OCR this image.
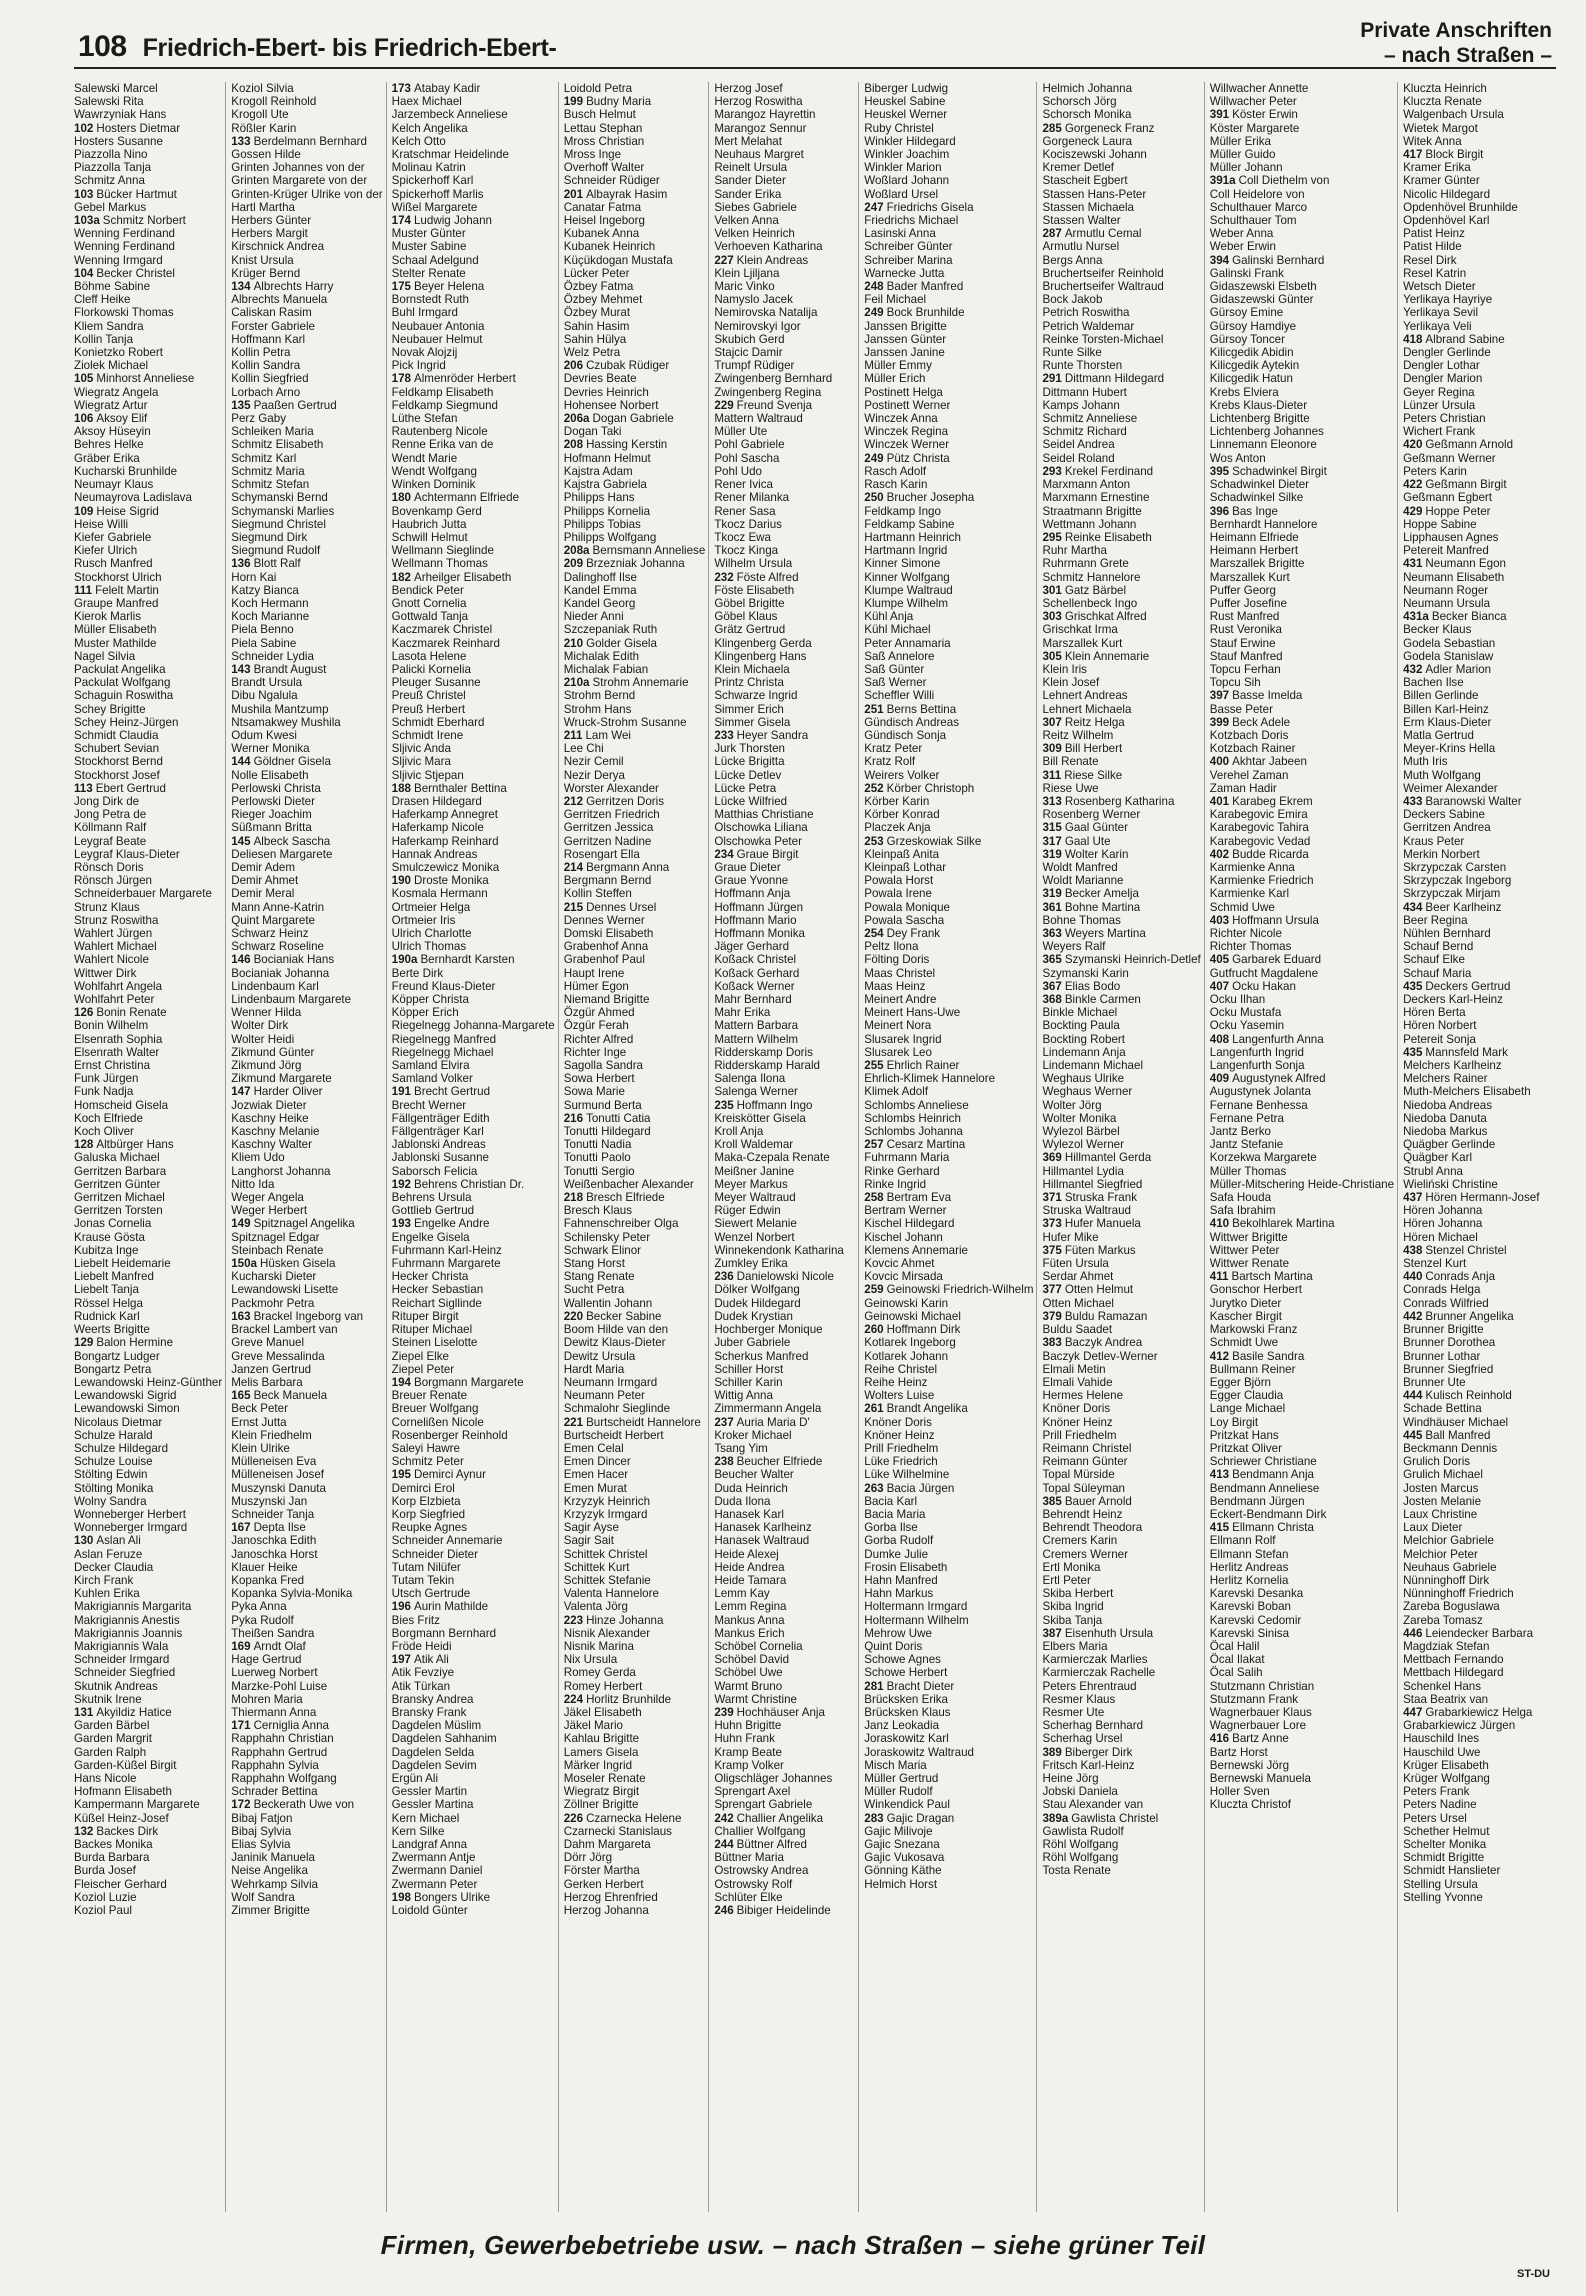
108 Friedrich-Ebert- bis Friedrich-Ebert-
Private Anschriften
– nach Straßen –
Salewski Marcel
Salewski Rita
Wawrzyniak Hans
102 Hosters Dietmar
Hosters Susanne
Piazzolla Nino
Piazzolla Tanja
Schmitz Anna
103 Bücker Hartmut
Gebel Markus
103a Schmitz Norbert
Wenning Ferdinand
Wenning Ferdinand
Wenning Irmgard
104 Becker Christel
Böhme Sabine
Cleff Heike
Florkowski Thomas
Kliem Sandra
Kollin Tanja
Konietzko Robert
Ziolek Michael
105 Minhorst Anneliese
Wiegratz Angela
Wiegratz Artur
106 Aksoy Elif
Aksoy Hüseyin
Behres Helke
Gräber Erika
Kucharski Brunhilde
Neumayr Klaus
Neumayrova Ladislava
109 Heise Sigrid
Heise Willi
Kiefer Gabriele
Kiefer Ulrich
Rusch Manfred
Stockhorst Ulrich
111 Felelt Martin
Graupe Manfred
Kierok Marlis
Müller Elisabeth
Muster Mathilde
Nagel Silvia
Packulat Angelika
Packulat Wolfgang
Schaguin Roswitha
Schey Brigitte
Schey Heinz-Jürgen
Schmidt Claudia
Schubert Sevian
Stockhorst Bernd
Stockhorst Josef
113 Ebert Gertrud
Jong Dirk de
Jong Petra de
Köllmann Ralf
Leygraf Beate
Leygraf Klaus-Dieter
Rönsch Doris
Rönsch Jürgen
Schneiderbauer Margarete
Strunz Klaus
Strunz Roswitha
Wahlert Jürgen
Wahlert Michael
Wahlert Nicole
Wittwer Dirk
Wohlfahrt Angela
Wohlfahrt Peter
126 Bonin Renate
Bonin Wilhelm
Elsenrath Sophia
Elsenrath Walter
Ernst Christina
Funk Jürgen
Funk Nadja
Homscheid Gisela
Koch Elfriede
Koch Oliver
128 Altbürger Hans
Galuska Michael
Gerritzen Barbara
Gerritzen Günter
Gerritzen Michael
Gerritzen Torsten
Jonas Cornelia
Krause Gösta
Kubitza Inge
Liebelt Heidemarie
Liebelt Manfred
Liebelt Tanja
Rössel Helga
Rudnick Karl
Weerts Brigitte
129 Balon Hermine
Bongartz Ludger
Bongartz Petra
Lewandowski Heinz-Günther
Lewandowski Sigrid
Lewandowski Simon
Nicolaus Dietmar
Schulze Harald
Schulze Hildegard
Schulze Louise
Stölting Edwin
Stölting Monika
Wolny Sandra
Wonneberger Herbert
Wonneberger Irmgard
130 Aslan Ali
Aslan Feruze
Decker Claudia
Kirch Frank
Kuhlen Erika
Makrigiannis Margarita
Makrigiannis Anestis
Makrigiannis Joannis
Makrigiannis Wala
Schneider Irmgard
Schneider Siegfried
Skutnik Andreas
Skutnik Irene
131 Akyildiz Hatice
Garden Bärbel
Garden Margrit
Garden Ralph
Garden-Küßel Birgit
Hans Nicole
Hofmann Elisabeth
Kampermann Margarete
Küßel Heinz-Josef
132 Backes Dirk
Backes Monika
Burda Barbara
Burda Josef
Fleischer Gerhard
Koziol Luzie
Koziol Paul
Koziol Silvia
Krogoll Reinhold
Krogoll Ute
Rößler Karin
133 Berdelmann Bernhard
Gossen Hilde
Grinten Johannes von der
Grinten Margarete von der
Grinten-Krüger Ulrike von der
Hartl Martha
Herbers Günter
Herbers Margit
Kirschnick Andrea
Knist Ursula
Krüger Bernd
134 Albrechts Harry
Albrechts Manuela
Caliskan Rasim
Forster Gabriele
Hoffmann Karl
Kollin Petra
Kollin Sandra
Kollin Siegfried
Lorbach Arno
135 Paaßen Gertrud
Perz Gaby
Schleiken Maria
Schmitz Elisabeth
Schmitz Karl
Schmitz Maria
Schmitz Stefan
Schymanski Bernd
Schymanski Marlies
Siegmund Christel
Siegmund Dirk
Siegmund Rudolf
136 Blott Ralf
Horn Kai
Katzy Bianca
Koch Hermann
Koch Marianne
Piela Benno
Piela Sabine
Schneider Lydia
143 Brandt August
Brandt Ursula
Dibu Ngalula
Mushila Mantzump
Ntsamakwey Mushila
Odum Kwesi
Werner Monika
144 Göldner Gisela
Nolle Elisabeth
Perlowski Christa
Perlowski Dieter
Rieger Joachim
Süßmann Britta
145 Albeck Sascha
Deliesen Margarete
Demir Adem
Demir Ahmet
Demir Meral
Mann Anne-Katrin
Quint Margarete
Schwarz Heinz
Schwarz Roseline
146 Bocianiak Hans
Bocianiak Johanna
Lindenbaum Karl
Lindenbaum Margarete
Wenner Hilda
Wolter Dirk
Wolter Heidi
Zikmund Günter
Zikmund Jörg
Zikmund Margarete
147 Harder Oliver
Jozwiak Dieter
Kaschny Heike
Kaschny Melanie
Kaschny Walter
Kliem Udo
Langhorst Johanna
Nitto Ida
Weger Angela
Weger Herbert
149 Spitznagel Angelika
Spitznagel Edgar
Steinbach Renate
150a Hüsken Gisela
Kucharski Dieter
Lewandowski Lisette
Packmohr Petra
163 Brackel Ingeborg van
Brackel Lambert van
Greve Manuel
Greve Messalinda
Janzen Gertrud
Melis Barbara
165 Beck Manuela
Beck Peter
Ernst Jutta
Klein Friedhelm
Klein Ulrike
Mülleneisen Eva
Mülleneisen Josef
Muszynski Danuta
Muszynski Jan
Schneider Tanja
167 Depta Ilse
Janoschka Edith
Janoschka Horst
Klauer Heike
Kopanka Fred
Kopanka Sylvia-Monika
Pyka Anna
Pyka Rudolf
Theißen Sandra
169 Arndt Olaf
Hage Gertrud
Luerweg Norbert
Marzke-Pohl Luise
Mohren Maria
Thiermann Anna
171 Cerniglia Anna
Rapphahn Christian
Rapphahn Gertrud
Rapphahn Sylvia
Rapphahn Wolfgang
Schrader Bettina
172 Beckerath Uwe von
Bibaj Fatjon
Bibaj Sylvia
Elias Sylvia
Janinik Manuela
Neise Angelika
Wehrkamp Silvia
Wolf Sandra
Zimmer Brigitte
173 Atabay Kadir
Haex Michael
Jarzembeck Anneliese
Kelch Angelika
Kelch Otto
Kratschmar Heidelinde
Molinau Katrin
Spickerhoff Karl
Spickerhoff Marlis
Wißel Margarete
174 Ludwig Johann
Muster Günter
Muster Sabine
Schaal Adelgund
Stelter Renate
175 Beyer Helena
Bornstedt Ruth
Buhl Irmgard
Neubauer Antonia
Neubauer Helmut
Novak Alojzij
Pick Ingrid
178 Almenröder Herbert
Feldkamp Elisabeth
Feldkamp Siegmund
Lüthe Stefan
Rautenberg Nicole
Renne Erika van de
Wendt Marie
Wendt Wolfgang
Winken Dominik
180 Achtermann Elfriede
Bovenkamp Gerd
Haubrich Jutta
Schwill Helmut
Wellmann Sieglinde
Wellmann Thomas
182 Arheilger Elisabeth
Bendick Peter
Gnott Cornelia
Gottwald Tanja
Kaczmarek Christel
Kaczmarek Reinhard
Lasota Helene
Palicki Kornelia
Pleuger Susanne
Preuß Christel
Preuß Herbert
Schmidt Eberhard
Schmidt Irene
Sljivic Anda
Sljivic Mara
Sljivic Stjepan
188 Bernthaler Bettina
Drasen Hildegard
Haferkamp Annegret
Haferkamp Nicole
Haferkamp Reinhard
Hannak Andreas
Smulczewicz Monika
190 Droste Monika
Kosmala Hermann
Ortmeier Helga
Ortmeier Iris
Ulrich Charlotte
Ulrich Thomas
190a Bernhardt Karsten
Berte Dirk
Freund Klaus-Dieter
Köpper Christa
Köpper Erich
Riegelnegg Johanna-Margarete
Riegelnegg Manfred
Riegelnegg Michael
Samland Elvira
Samland Volker
191 Brecht Gertrud
Brecht Werner
Fällgenträger Edith
Fällgenträger Karl
Jablonski Andreas
Jablonski Susanne
Saborsch Felicia
192 Behrens Christian Dr.
Behrens Ursula
Gottlieb Gertrud
193 Engelke Andre
Engelke Gisela
Fuhrmann Karl-Heinz
Fuhrmann Margarete
Hecker Christa
Hecker Sebastian
Reichart Sigllinde
Rituper Birgit
Rituper Michael
Steinen Liselotte
Ziepel Elke
Ziepel Peter
194 Borgmann Margarete
Breuer Renate
Breuer Wolfgang
Cornelißen Nicole
Rosenberger Reinhold
Saleyi Hawre
Schmitz Peter
195 Demirci Aynur
Demirci Erol
Korp Elzbieta
Korp Siegfried
Reupke Agnes
Schneider Annemarie
Schneider Dieter
Tutam Nilüfer
Tutam Tekin
Utsch Gertrude
196 Aurin Mathilde
Bies Fritz
Borgmann Bernhard
Fröde Heidi
197 Atik Ali
Atik Fevziye
Atik Türkan
Bransky Andrea
Bransky Frank
Dagdelen Müslim
Dagdelen Sahhanim
Dagdelen Selda
Dagdelen Sevim
Ergün Ali
Gessler Martin
Gessler Martina
Kern Michael
Kern Silke
Landgraf Anna
Zwermann Antje
Zwermann Daniel
Zwermann Peter
198 Bongers Ulrike
Loidold Günter
Loidold Petra
199 Budny Maria
Busch Helmut
Lettau Stephan
Mross Christian
Mross Inge
Overhoff Walter
Schneider Rüdiger
201 Albayrak Hasim
Canatar Fatma
Heisel Ingeborg
Kubanek Anna
Kubanek Heinrich
Küçükdogan Mustafa
Lücker Peter
Özbey Fatma
Özbey Mehmet
Özbey Murat
Sahin Hasim
Sahin Hülya
Welz Petra
206 Czubak Rüdiger
Devries Beate
Devries Heinrich
Hohensee Norbert
206a Dogan Gabriele
Dogan Taki
208 Hassing Kerstin
Hofmann Helmut
Kajstra Adam
Kajstra Gabriela
Philipps Hans
Philipps Kornelia
Philipps Tobias
Philipps Wolfgang
208a Bernsmann Anneliese
209 Brzezniak Johanna
Dalinghoff Ilse
Kandel Emma
Kandel Georg
Nieder Anni
Szczepaniak Ruth
210 Golder Gisela
Michalak Edith
Michalak Fabian
210a Strohm Annemarie
Strohm Bernd
Strohm Hans
Wruck-Strohm Susanne
211 Lam Wei
Lee Chi
Nezir Cemil
Nezir Derya
Worster Alexander
212 Gerritzen Doris
Gerritzen Friedrich
Gerritzen Jessica
Gerritzen Nadine
Rosengart Ella
214 Bergmann Anna
Bergmann Bernd
Kollin Steffen
215 Dennes Ursel
Dennes Werner
Domski Elisabeth
Grabenhof Anna
Grabenhof Paul
Haupt Irene
Hümer Egon
Niemand Brigitte
Özgür Ahmed
Özgür Ferah
Richter Alfred
Richter Inge
Sagolla Sandra
Sowa Herbert
Sowa Marie
Surmund Berta
216 Tonutti Catia
Tonutti Hildegard
Tonutti Nadia
Tonutti Paolo
Tonutti Sergio
Weißenbacher Alexander
218 Bresch Elfriede
Bresch Klaus
Fahnenschreiber Olga
Schilensky Peter
Schwark Elinor
Stang Horst
Stang Renate
Sucht Petra
Wallentin Johann
220 Becker Sabine
Boom Hilde van den
Dewitz Klaus-Dieter
Dewitz Ursula
Hardt Maria
Neumann Irmgard
Neumann Peter
Schmalohr Sieglinde
221 Burtscheidt Hannelore
Burtscheidt Herbert
Emen Celal
Emen Dincer
Emen Hacer
Emen Murat
Krzyzyk Heinrich
Krzyzyk Irmgard
Sagir Ayse
Sagir Sait
Schittek Christel
Schittek Kurt
Schittek Stefanie
Valenta Hannelore
Valenta Jörg
223 Hinze Johanna
Nisnik Alexander
Nisnik Marina
Nix Ursula
Romey Gerda
Romey Herbert
224 Horlitz Brunhilde
Jäkel Elisabeth
Jäkel Mario
Kahlau Brigitte
Lamers Gisela
Märker Ingrid
Moseler Renate
Wiegratz Birgit
Zöllner Brigitte
226 Czarnecka Helene
Czarnecki Stanislaus
Dahm Margareta
Dörr Jörg
Förster Martha
Gerken Herbert
Herzog Ehrenfried
Herzog Johanna
Herzog Josef
Herzog Roswitha
Marangoz Hayrettin
Marangoz Sennur
Mert Melahat
Neuhaus Margret
Reinelt Ursula
Sander Dieter
Sander Erika
Siebes Gabriele
Velken Anna
Velken Heinrich
Verhoeven Katharina
227 Klein Andreas
Klein Ljiljana
Maric Vinko
Namyslo Jacek
Nemirovska Natalija
Nemirovskyi Igor
Skubich Gerd
Stajcic Damir
Trumpf Rüdiger
Zwingenberg Bernhard
Zwingenberg Regina
229 Freund Svenja
Mattern Waltraud
Müller Ute
Pohl Gabriele
Pohl Sascha
Pohl Udo
Rener Ivica
Rener Milanka
Rener Sasa
Tkocz Darius
Tkocz Ewa
Tkocz Kinga
Wilhelm Ursula
232 Föste Alfred
Föste Elisabeth
Göbel Brigitte
Göbel Klaus
Grätz Gertrud
Klingenberg Gerda
Klingenberg Hans
Klein Michaela
Printz Christa
Schwarze Ingrid
Simmer Erich
Simmer Gisela
233 Heyer Sandra
Jurk Thorsten
Lücke Brigitta
Lücke Detlev
Lücke Petra
Lücke Wilfried
Matthias Christiane
Olschowka Liliana
Olschowka Peter
234 Graue Birgit
Graue Dieter
Graue Yvonne
Hoffmann Anja
Hoffmann Jürgen
Hoffmann Mario
Hoffmann Monika
Jäger Gerhard
Koßack Christel
Koßack Gerhard
Koßack Werner
Mahr Bernhard
Mahr Erika
Mattern Barbara
Mattern Wilhelm
Ridderskamp Doris
Ridderskamp Harald
Salenga Ilona
Salenga Werner
235 Hoffmann Ingo
Kreiskötter Gisela
Kroll Anja
Kroll Waldemar
Maka-Czepala Renate
Meißner Janine
Meyer Markus
Meyer Waltraud
Rüger Edwin
Siewert Melanie
Wenzel Norbert
Winnekendonk Katharina
Zumkley Erika
236 Danielowski Nicole
Dölker Wolfgang
Dudek Hildegard
Dudek Krystian
Hochberger Monique
Juber Gabriele
Scherkus Manfred
Schiller Horst
Schiller Karin
Wittig Anna
Zimmermann Angela
237 Auria Maria D'
Kroker Michael
Tsang Yim
238 Beucher Elfriede
Beucher Walter
Duda Heinrich
Duda Ilona
Hanasek Karl
Hanasek Karlheinz
Hanasek Waltraud
Heide Alexej
Heide Andrea
Heide Tamara
Lemm Kay
Lemm Regina
Mankus Anna
Mankus Erich
Schöbel Cornelia
Schöbel David
Schöbel Uwe
Warmt Bruno
Warmt Christine
239 Hochhäuser Anja
Huhn Brigitte
Huhn Frank
Kramp Beate
Kramp Volker
Oligschläger Johannes
Sprengart Axel
Sprengart Gabriele
242 Challier Angelika
Challier Wolfgang
244 Büttner Alfred
Büttner Maria
Ostrowsky Andrea
Ostrowsky Rolf
Schlüter Elke
246 Bibiger Heidelinde
Biberger Ludwig
Heuskel Sabine
Heuskel Werner
Ruby Christel
Winkler Hildegard
Winkler Joachim
Winkler Marion
Woßlard Johann
Woßlard Ursel
247 Friedrichs Gisela
Friedrichs Michael
Lasinski Anna
Schreiber Günter
Schreiber Marina
Warnecke Jutta
248 Bader Manfred
Feil Michael
249 Bock Brunhilde
Janssen Brigitte
Janssen Günter
Janssen Janine
Müller Emmy
Müller Erich
Postinett Helga
Postinett Werner
Winczek Anna
Winczek Regina
Winczek Werner
249 Pütz Christa
Rasch Adolf
Rasch Karin
250 Brucher Josepha
Feldkamp Ingo
Feldkamp Sabine
Hartmann Heinrich
Hartmann Ingrid
Kinner Simone
Kinner Wolfgang
Klumpe Waltraud
Klumpe Wilhelm
Kühl Anja
Kühl Michael
Peter Annamaria
Saß Annelore
Saß Günter
Saß Werner
Scheffler Willi
251 Berns Bettina
Gündisch Andreas
Gündisch Sonja
Kratz Peter
Kratz Rolf
Weirers Volker
252 Körber Christoph
Körber Karin
Körber Konrad
Placzek Anja
253 Grzeskowiak Silke
Kleinpaß Anita
Kleinpaß Lothar
Powala Horst
Powala Irene
Powala Monique
Powala Sascha
254 Dey Frank
Peltz Ilona
Fölting Doris
Maas Christel
Maas Heinz
Meinert Andre
Meinert Hans-Uwe
Meinert Nora
Slusarek Ingrid
Slusarek Leo
255 Ehrlich Rainer
Ehrlich-Klimek Hannelore
Klimek Adolf
Schlombs Anneliese
Schlombs Heinrich
Schlombs Johanna
257 Cesarz Martina
Fuhrmann Maria
Rinke Gerhard
Rinke Ingrid
258 Bertram Eva
Bertram Werner
Kischel Hildegard
Kischel Johann
Klemens Annemarie
Kovcic Ahmet
Kovcic Mirsada
259 Geinowski Friedrich-Wilhelm
Geinowski Karin
Geinowski Michael
260 Hoffmann Dirk
Kotlarek Ingeborg
Kotlarek Johann
Reihe Christel
Reihe Heinz
Wolters Luise
261 Brandt Angelika
Knöner Doris
Knöner Heinz
Prill Friedhelm
Lüke Friedrich
Lüke Wilhelmine
263 Bacia Jürgen
Bacia Karl
Bacia Maria
Gorba Ilse
Gorba Rudolf
Dumke Julie
Frosin Elisabeth
Hahn Manfred
Hahn Markus
Holtermann Irmgard
Holtermann Wilhelm
Mehrow Uwe
Quint Doris
Schowe Agnes
Schowe Herbert
281 Bracht Dieter
Brücksken Erika
Brücksken Klaus
Janz Leokadia
Joraskowitz Karl
Joraskowitz Waltraud
Misch Maria
Müller Gertrud
Müller Rudolf
Winkendick Paul
283 Gajic Dragan
Gajic Milivoje
Gajic Snezana
Gajic Vukosava
Gönning Käthe
Helmich Horst
Helmich Johanna
Schorsch Jörg
Schorsch Monika
285 Gorgeneck Franz
Gorgeneck Laura
Kociszewski Johann
Kremer Detlef
Stascheit Egbert
Stassen Hans-Peter
Stassen Michaela
Stassen Walter
287 Armutlu Cemal
Armutlu Nursel
Bergs Anna
Bruchertseifer Reinhold
Bruchertseifer Waltraud
Bock Jakob
Petrich Roswitha
Petrich Waldemar
Reinke Torsten-Michael
Runte Silke
Runte Thorsten
291 Dittmann Hildegard
Dittmann Hubert
Kamps Johann
Schmitz Anneliese
Schmitz Richard
Seidel Andrea
Seidel Roland
293 Krekel Ferdinand
Marxmann Anton
Marxmann Ernestine
Straatmann Brigitte
Wettmann Johann
295 Reinke Elisabeth
Ruhr Martha
Ruhrmann Grete
Schmitz Hannelore
301 Gatz Bärbel
Schellenbeck Ingo
303 Grischkat Alfred
Grischkat Irma
Marszallek Kurt
305 Klein Annemarie
Klein Iris
Klein Josef
Lehnert Andreas
Lehnert Michaela
307 Reitz Helga
Reitz Wilhelm
309 Bill Herbert
Bill Renate
311 Riese Silke
Riese Uwe
313 Rosenberg Katharina
Rosenberg Werner
315 Gaal Günter
317 Gaal Ute
319 Wolter Karin
Woldt Manfred
Woldt Marianne
319 Becker Amelja
361 Bohne Martina
Bohne Thomas
363 Weyers Martina
Weyers Ralf
365 Szymanski Heinrich-Detlef
Szymanski Karin
367 Elias Bodo
368 Binkle Carmen
Binkle Michael
Bockting Paula
Bockting Robert
Lindemann Anja
Lindemann Michael
Weghaus Ulrike
Weghaus Werner
Wolter Jörg
Wolter Monika
Wylezol Bärbel
Wylezol Werner
369 Hillmantel Gerda
Hillmantel Lydia
Hillmantel Siegfried
371 Struska Frank
Struska Waltraud
373 Hufer Manuela
Hufer Mike
375 Füten Markus
Füten Ursula
Serdar Ahmet
377 Otten Helmut
Otten Michael
379 Buldu Ramazan
Buldu Saadet
383 Baczyk Andrea
Baczyk Detlev-Werner
Elmali Metin
Elmali Vahide
Hermes Helene
Knöner Doris
Knöner Heinz
Prill Friedhelm
Reimann Christel
Reimann Günter
Topal Mürside
Topal Süleyman
385 Bauer Arnold
Behrendt Heinz
Behrendt Theodora
Cremers Karin
Cremers Werner
Ertl Monika
Ertl Peter
Skiba Herbert
Skiba Ingrid
Skiba Tanja
387 Eisenhuth Ursula
Elbers Maria
Karmierczak Marlies
Karmierczak Rachelle
Peters Ehrentraud
Resmer Klaus
Resmer Ute
Scherhag Bernhard
Scherhag Ursel
389 Biberger Dirk
Fritsch Karl-Heinz
Heine Jörg
Jobski Daniela
Stau Alexander van
389a Gawlista Christel
Gawlista Rudolf
Röhl Wolfgang
Röhl Wolfgang
Tosta Renate
Willwacher Annette
Willwacher Peter
391 Köster Erwin
Köster Margarete
Müller Erika
Müller Guido
Müller Johann
391a Coll Diethelm von
Coll Heidelore von
Schulthauer Marco
Schulthauer Tom
Weber Anna
Weber Erwin
394 Galinski Bernhard
Galinski Frank
Gidaszewski Elsbeth
Gidaszewski Günter
Gürsoy Emine
Gürsoy Hamdiye
Gürsoy Toncer
Kilicgedik Abidin
Kilicgedik Aytekin
Kilicgedik Hatun
Krebs Elviera
Krebs Klaus-Dieter
Lichtenberg Brigitte
Lichtenberg Johannes
Linnemann Eleonore
Wos Anton
395 Schadwinkel Birgit
Schadwinkel Dieter
Schadwinkel Silke
396 Bas Inge
Bernhardt Hannelore
Heimann Elfriede
Heimann Herbert
Marszallek Brigitte
Marszallek Kurt
Puffer Georg
Puffer Josefine
Rust Manfred
Rust Veronika
Stauf Erwine
Stauf Manfred
Topcu Ferhan
Topcu Sih
397 Basse Imelda
Basse Peter
399 Beck Adele
Kotzbach Doris
Kotzbach Rainer
400 Akhtar Jabeen
Verehel Zaman
Zaman Hadir
401 Karabeg Ekrem
Karabegovic Emira
Karabegovic Tahira
Karabegovic Vedad
402 Budde Ricarda
Karmienke Anna
Karmienke Friedrich
Karmienke Karl
Schmid Uwe
403 Hoffmann Ursula
Richter Nicole
Richter Thomas
405 Garbarek Eduard
Gutfrucht Magdalene
407 Ocku Hakan
Ocku Ilhan
Ocku Mustafa
Ocku Yasemin
408 Langenfurth Anna
Langenfurth Ingrid
Langenfurth Sonja
409 Augustynek Alfred
Augustynek Jolanta
Fernane Benhessa
Fernane Petra
Jantz Berko
Jantz Stefanie
Korzekwa Margarete
Müller Thomas
Müller-Mitschering Heide-Christiane
Safa Houda
Safa Ibrahim
410 Bekolhlarek Martina
Wittwer Brigitte
Wittwer Peter
Wittwer Renate
411 Bartsch Martina
Gonschor Herbert
Jurytko Dieter
Kascher Birgit
Markowski Franz
Schmidt Uwe
412 Basile Sandra
Bullmann Reiner
Egger Björn
Egger Claudia
Lange Michael
Loy Birgit
Pritzkat Hans
Pritzkat Oliver
Schriewer Christiane
413 Bendmann Anja
Bendmann Anneliese
Bendmann Jürgen
Eckert-Bendmann Dirk
415 Ellmann Christa
Ellmann Rolf
Ellmann Stefan
Herlitz Andreas
Herlitz Kornelia
Karevski Desanka
Karevski Boban
Karevski Cedomir
Karevski Sinisa
Öcal Halil
Öcal Ilakat
Öcal Salih
Stutzmann Christian
Stutzmann Frank
Wagnerbauer Klaus
Wagnerbauer Lore
416 Bartz Anne
Bartz Horst
Bernewski Jörg
Bernewski Manuela
Holler Sven
Kluczta Christof
Kluczta Heinrich
Kluczta Renate
Walgenbach Ursula
Wietek Margot
Witek Anna
417 Block Birgit
Kramer Erika
Kramer Günter
Nicolic Hildegard
Opdenhövel Brunhilde
Opdenhövel Karl
Patist Heinz
Patist Hilde
Resel Dirk
Resel Katrin
Wetsch Dieter
Yerlikaya Hayriye
Yerlikaya Sevil
Yerlikaya Veli
418 Albrand Sabine
Dengler Gerlinde
Dengler Lothar
Dengler Marion
Geyer Regina
Lünzer Ursula
Peters Christian
Wichert Frank
420 Geßmann Arnold
Geßmann Werner
Peters Karin
422 Geßmann Birgit
Geßmann Egbert
429 Hoppe Peter
Hoppe Sabine
Lipphausen Agnes
Petereit Manfred
431 Neumann Egon
Neumann Elisabeth
Neumann Roger
Neumann Ursula
431a Becker Bianca
Becker Klaus
Godela Sebastian
Godela Stanislaw
432 Adler Marion
Bachen Ilse
Billen Gerlinde
Billen Karl-Heinz
Erm Klaus-Dieter
Matla Gertrud
Meyer-Krins Hella
Muth Iris
Muth Wolfgang
Weimer Alexander
433 Baranowski Walter
Deckers Sabine
Gerritzen Andrea
Kraus Peter
Merkin Norbert
Skrzypczak Carsten
Skrzypczak Ingeborg
Skrzypczak Mirjam
434 Beer Karlheinz
Beer Regina
Nühlen Bernhard
Schauf Bernd
Schauf Elke
Schauf Maria
435 Deckers Gertrud
Deckers Karl-Heinz
Hören Berta
Hören Norbert
Petereit Sonja
435 Mannsfeld Mark
Melchers Karlheinz
Melchers Rainer
Muth-Melchers Elisabeth
Niedoba Andreas
Niedoba Danuta
Niedoba Markus
Quägber Gerlinde
Quägber Karl
Strubl Anna
Wieliński Christine
437 Hören Hermann-Josef
Hören Johanna
Hören Johanna
Hören Michael
438 Stenzel Christel
Stenzel Kurt
440 Conrads Anja
Conrads Helga
Conrads Wilfried
442 Brunner Angelika
Brunner Brigitte
Brunner Dorothea
Brunner Lothar
Brunner Siegfried
Brunner Ute
444 Kulisch Reinhold
Schade Bettina
Windhäuser Michael
445 Ball Manfred
Beckmann Dennis
Grulich Doris
Grulich Michael
Josten Marcus
Josten Melanie
Laux Christine
Laux Dieter
Melchior Gabriele
Melchior Peter
Neuhaus Gabriele
Nünninghoff Dirk
Nünninghoff Friedrich
Zareba Boguslawa
Zareba Tomasz
446 Leiendecker Barbara
Magdziak Stefan
Mettbach Fernando
Mettbach Hildegard
Schenkel Hans
Staa Beatrix van
447 Grabarkiewicz Helga
Grabarkiewicz Jürgen
Hauschild Ines
Hauschild Uwe
Krüger Elisabeth
Krüger Wolfgang
Peters Frank
Peters Nadine
Peters Ursel
Schether Helmut
Schelter Monika
Schmidt Brigitte
Schmidt Hanslieter
Stelling Ursula
Stelling Yvonne
Firmen, Gewerbebetriebe usw. – nach Straßen – siehe grüner Teil
ST-DU
